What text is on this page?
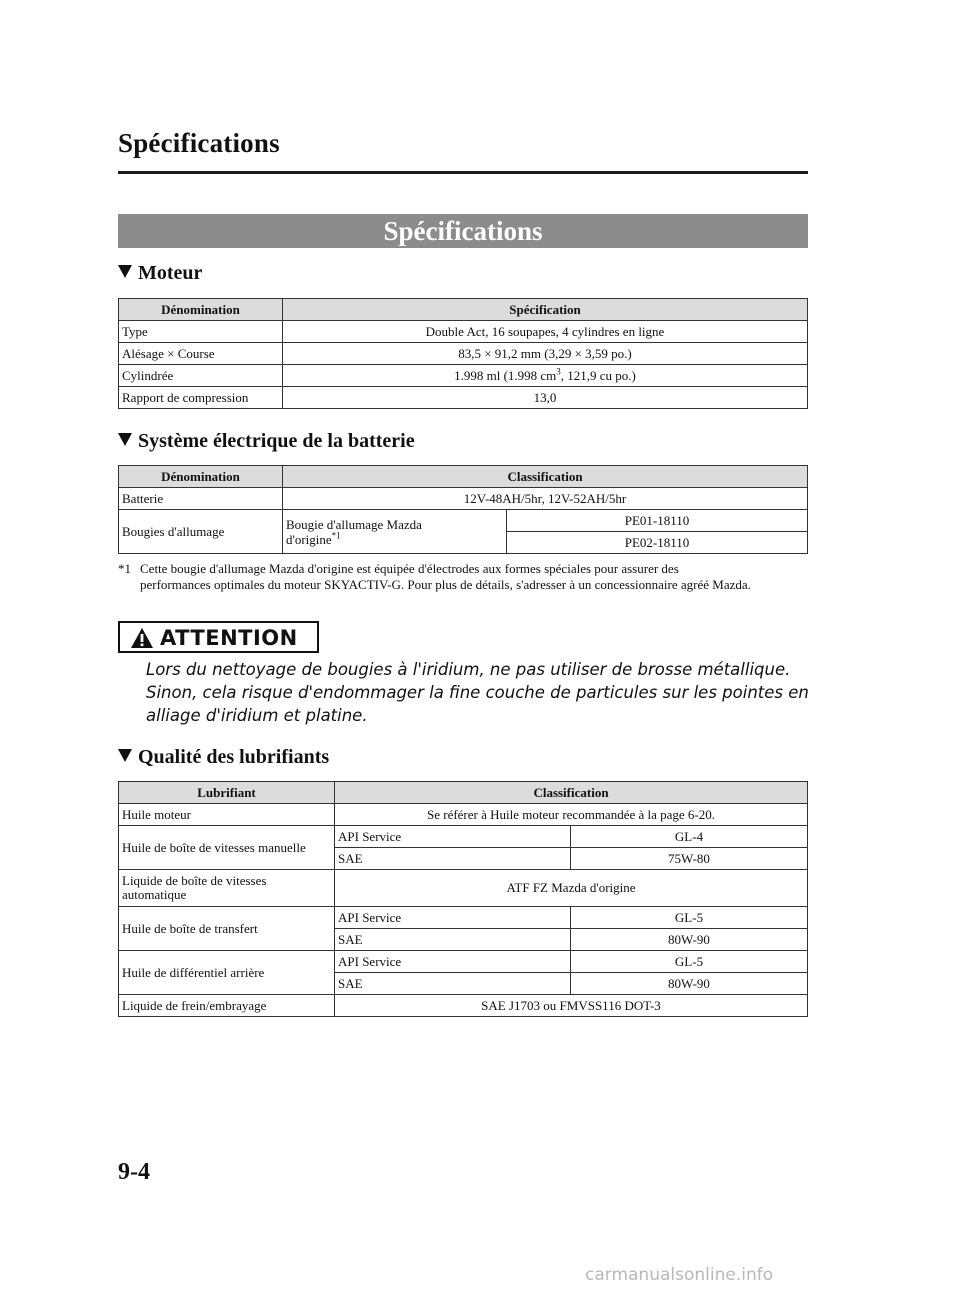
Spécifications
Spécifications
Moteur
Dénomination	Spécification
Type	Double Act, 16 soupapes, 4 cylindres en ligne
Alésage × Course	83,5 × 91,2 mm (3,29 × 3,59 po.)
Cylindrée	1.998 ml (1.998 $cm^3$, 121,9 cu po.)
Rapport de compression	13,0
Système électrique de la batterie
Dénomination	Classification	
Batterie	12V-48AH/5hr, 12V-52AH/5hr	
Bougies d'allumage	Bougie d'allumage Mazda d'origine$^{*1}$	PE01-18110
		PE02-18110
*1 Cette bougie d'allumage Mazda d'origine est équipée d'électrodes aux formes spéciales pour assurer des
performances optimales du moteur SKYACTIV-G. Pour plus de détails, s'adresser à un concessionnaire agréé Mazda.
ATTENTION
Lors du nettoyage de bougies à l'iridium, ne pas utiliser de brosse métallique. Sinon, cela risque d'endommager la fine couche de particules sur les pointes en alliage d'iridium et platine.
Qualité des lubrifiants
Lubrifiant	Classification	
Huile moteur	Se référer à Huile moteur recommandée à la page 6-20.	
Huile de boîte de vitesses manuelle	API Service	GL-4
	SAE	75W-80
Liquide de boîte de vitesses automatique	ATF FZ Mazda d'origine	
Huile de boîte de transfert	API Service	GL-5
	SAE	80W-90
Huile de différentiel arrière	API Service	GL-5
	SAE	80W-90
Liquide de frein/embrayage	SAE J1703 ou FMVSS116 DOT-3	
9-4
carmanualsonline.info
